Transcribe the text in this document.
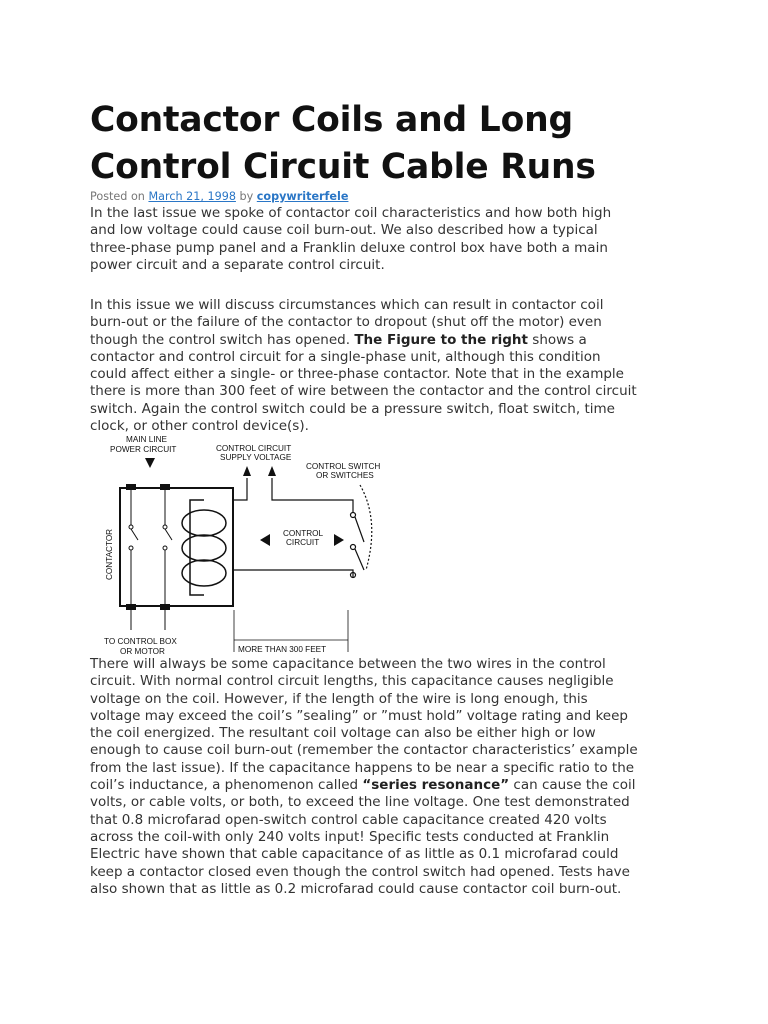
Contactor Coils and Long
Control Circuit Cable Runs
Posted on March 21, 1998 by copywriterfele
In the last issue we spoke of contactor coil characteristics and how both high
and low voltage could cause coil burn-out. We also described how a typical
three-phase pump panel and a Franklin deluxe control box have both a main
power circuit and a separate control circuit.
In this issue we will discuss circumstances which can result in contactor coil
burn-out or the failure of the contactor to dropout (shut off the motor) even
though the control switch has opened. The Figure to the right shows a
contactor and control circuit for a single-phase unit, although this condition
could affect either a single- or three-phase contactor. Note that in the example
there is more than 300 feet of wire between the contactor and the control circuit
switch. Again the control switch could be a pressure switch, float switch, time
clock, or other control device(s).
MAIN LINE
POWER CIRCUIT	CONTROL CIRCUIT
SUPPLY VOLTAGE
CONTROL SWITCH
OR SWITCHES
CONTACTOR	CONTROL
CIRCUIT
MORE THAN 300 FEET
TO CONTROL BOX
OR MOTOR
There will always be some capacitance between the two wires in the control
circuit. With normal control circuit lengths, this capacitance causes negligible
voltage on the coil. However, if the length of the wire is long enough, this
voltage may exceed the coil’s ”sealing” or ”must hold” voltage rating and keep
the coil energized. The resultant coil voltage can also be either high or low
enough to cause coil burn-out (remember the contactor characteristics’ example
from the last issue). If the capacitance happens to be near a specific ratio to the
coil’s inductance, a phenomenon called “series resonance” can cause the coil
volts, or cable volts, or both, to exceed the line voltage. One test demonstrated
that 0.8 microfarad open-switch control cable capacitance created 420 volts
across the coil-with only 240 volts input! Specific tests conducted at Franklin
Electric have shown that cable capacitance of as little as 0.1 microfarad could
keep a contactor closed even though the control switch had opened. Tests have
also shown that as little as 0.2 microfarad could cause contactor coil burn-out.
